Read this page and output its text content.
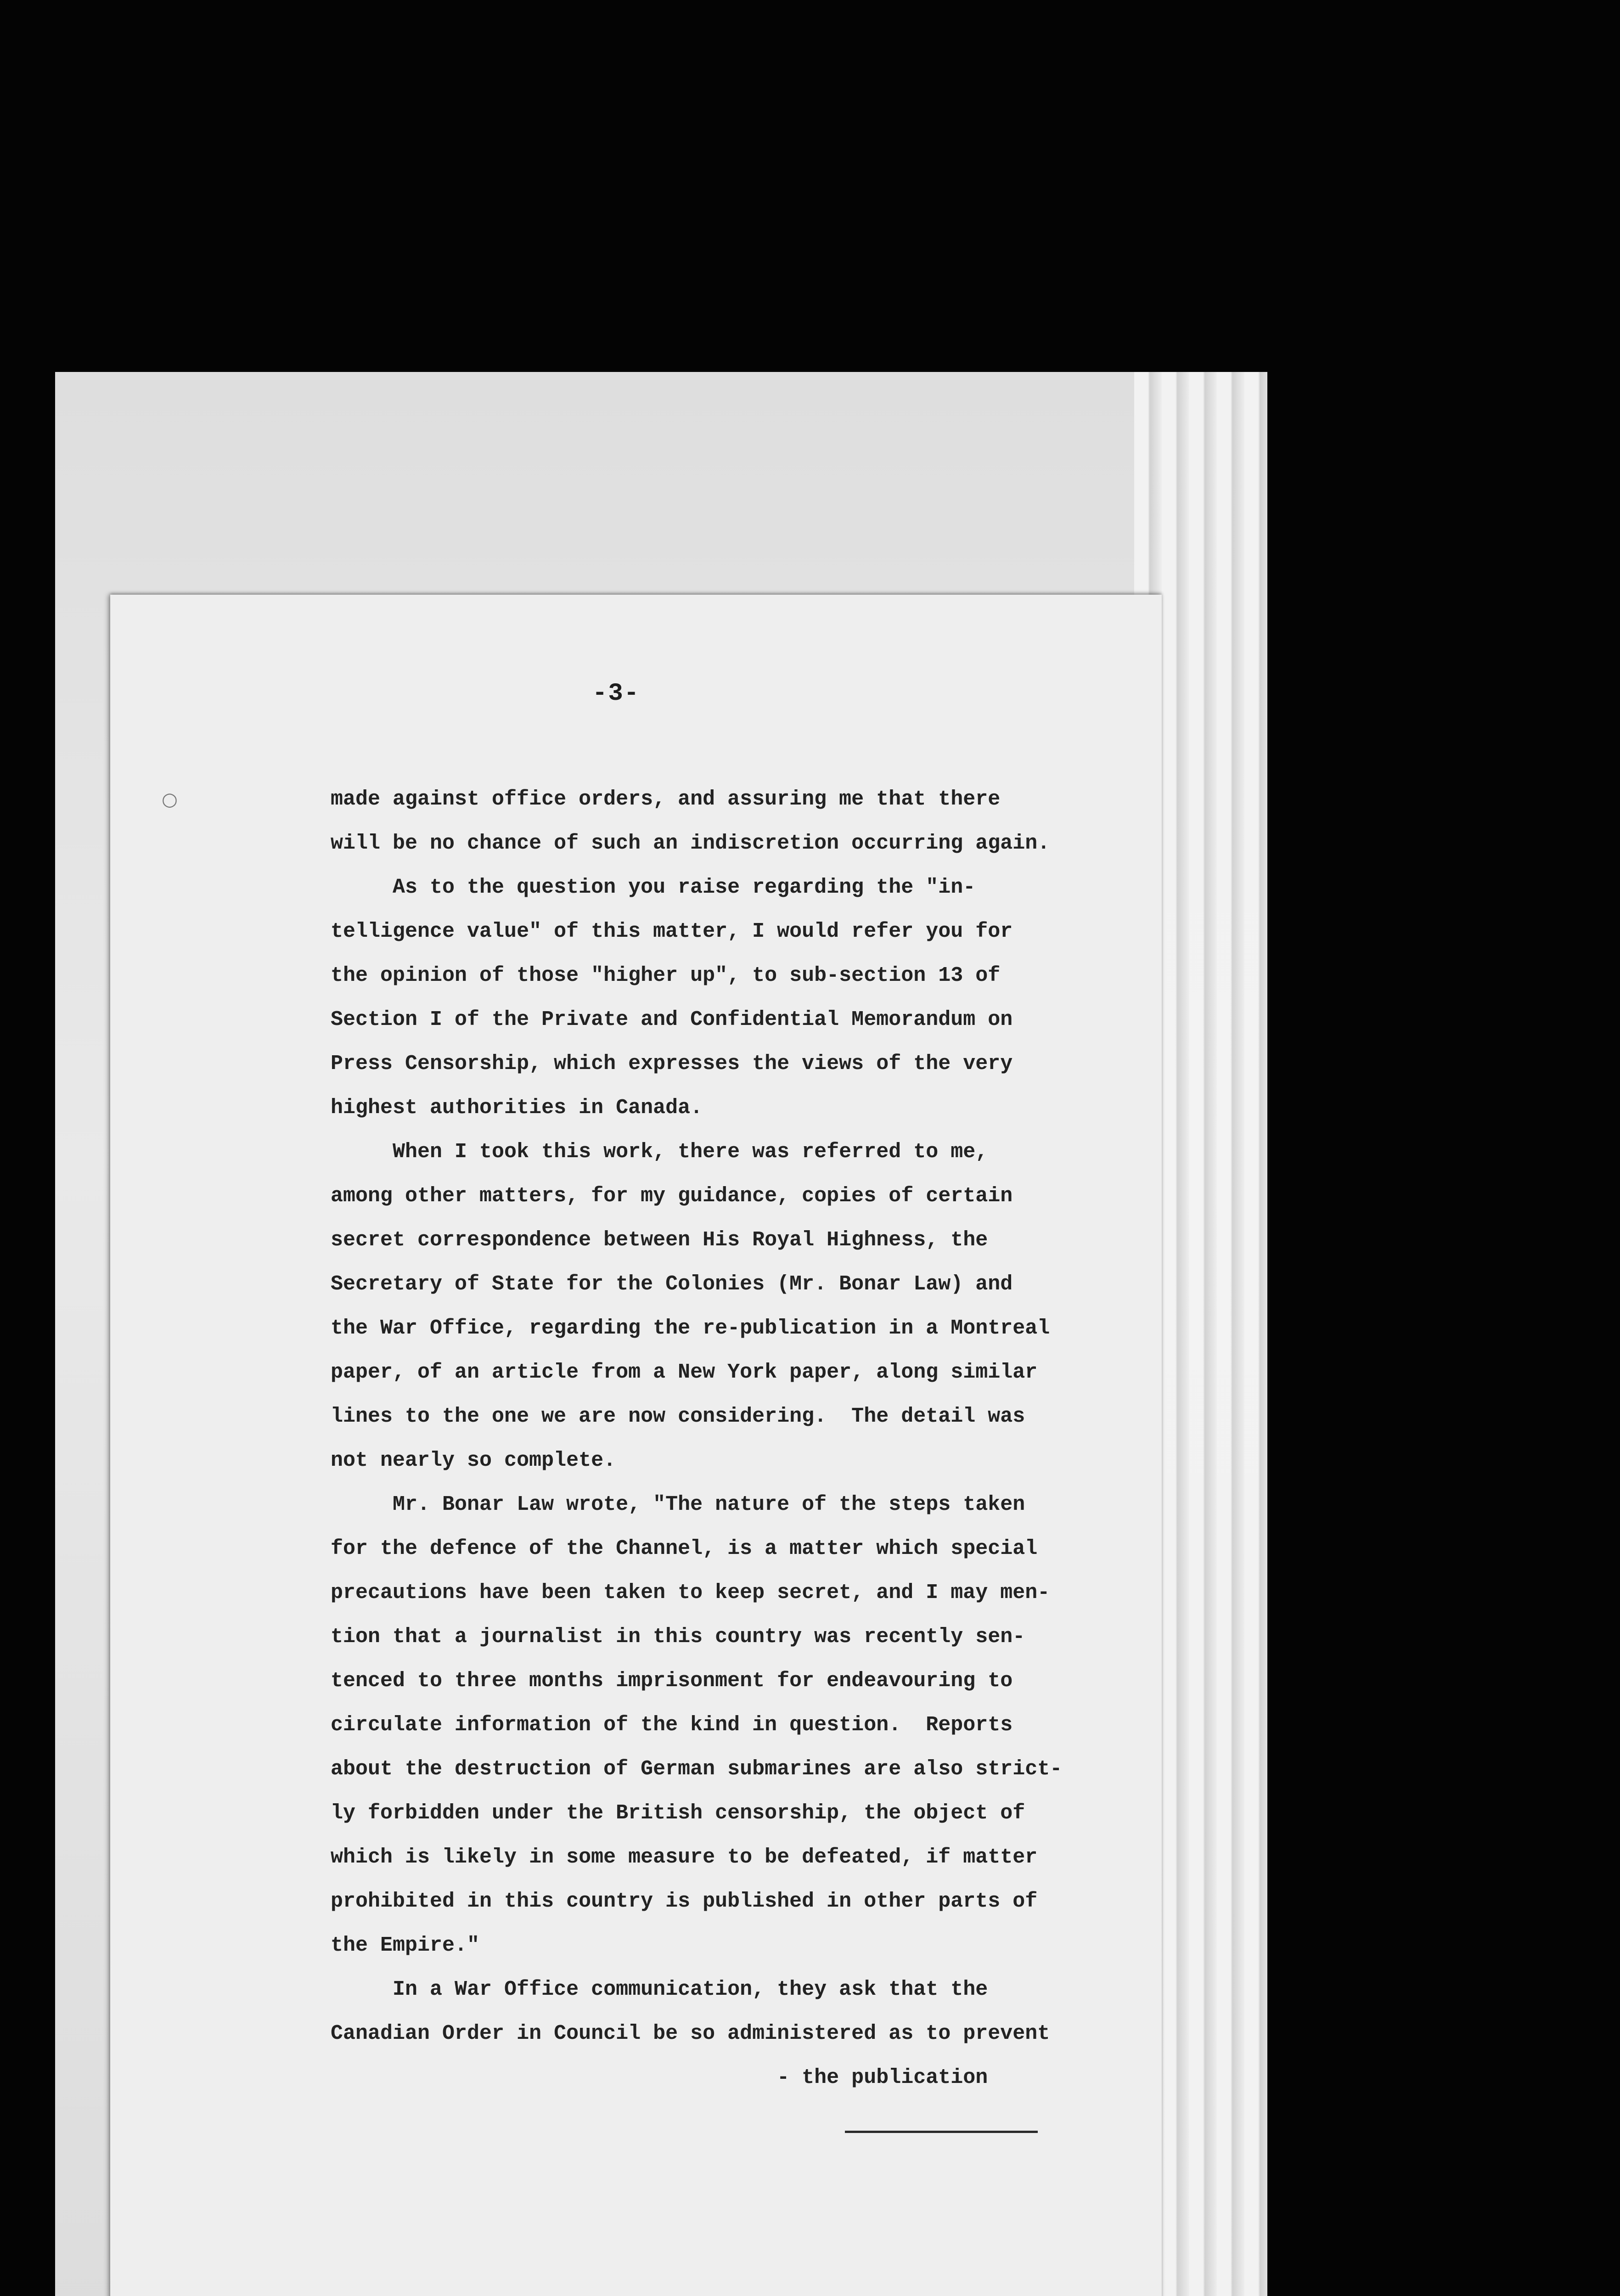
-3-
○	made against office orders, and assuring me that there
will be no chance of such an indiscretion occurring again.
As to the question you raise regarding the "in-
telligence value" of this matter, I would refer you for
the opinion of those "higher up", to sub-section 13 of
Section I of the Private and Confidential Memorandum on
Press Censorship, which expresses the views of the very
highest authorities in Canada.
When I took this work, there was referred to me,
among other matters, for my guidance, copies of certain
secret correspondence between His Royal Highness, the
Secretary of State for the Colonies (Mr. Bonar Law) and
the War Office, regarding the re-publication in a Montreal
paper, of an article from a New York paper, along similar
lines to the one we are now considering.  The detail was
not nearly so complete.
Mr. Bonar Law wrote, "The nature of the steps taken
for the defence of the Channel, is a matter which special
precautions have been taken to keep secret, and I may men-
tion that a journalist in this country was recently sen-
tenced to three months imprisonment for endeavouring to
circulate information of the kind in question.  Reports
about the destruction of German submarines are also strict-
ly forbidden under the British censorship, the object of
which is likely in some measure to be defeated, if matter
prohibited in this country is published in other parts of
the Empire."
In a War Office communication, they ask that the
Canadian Order in Council be so administered as to prevent
- the publication
